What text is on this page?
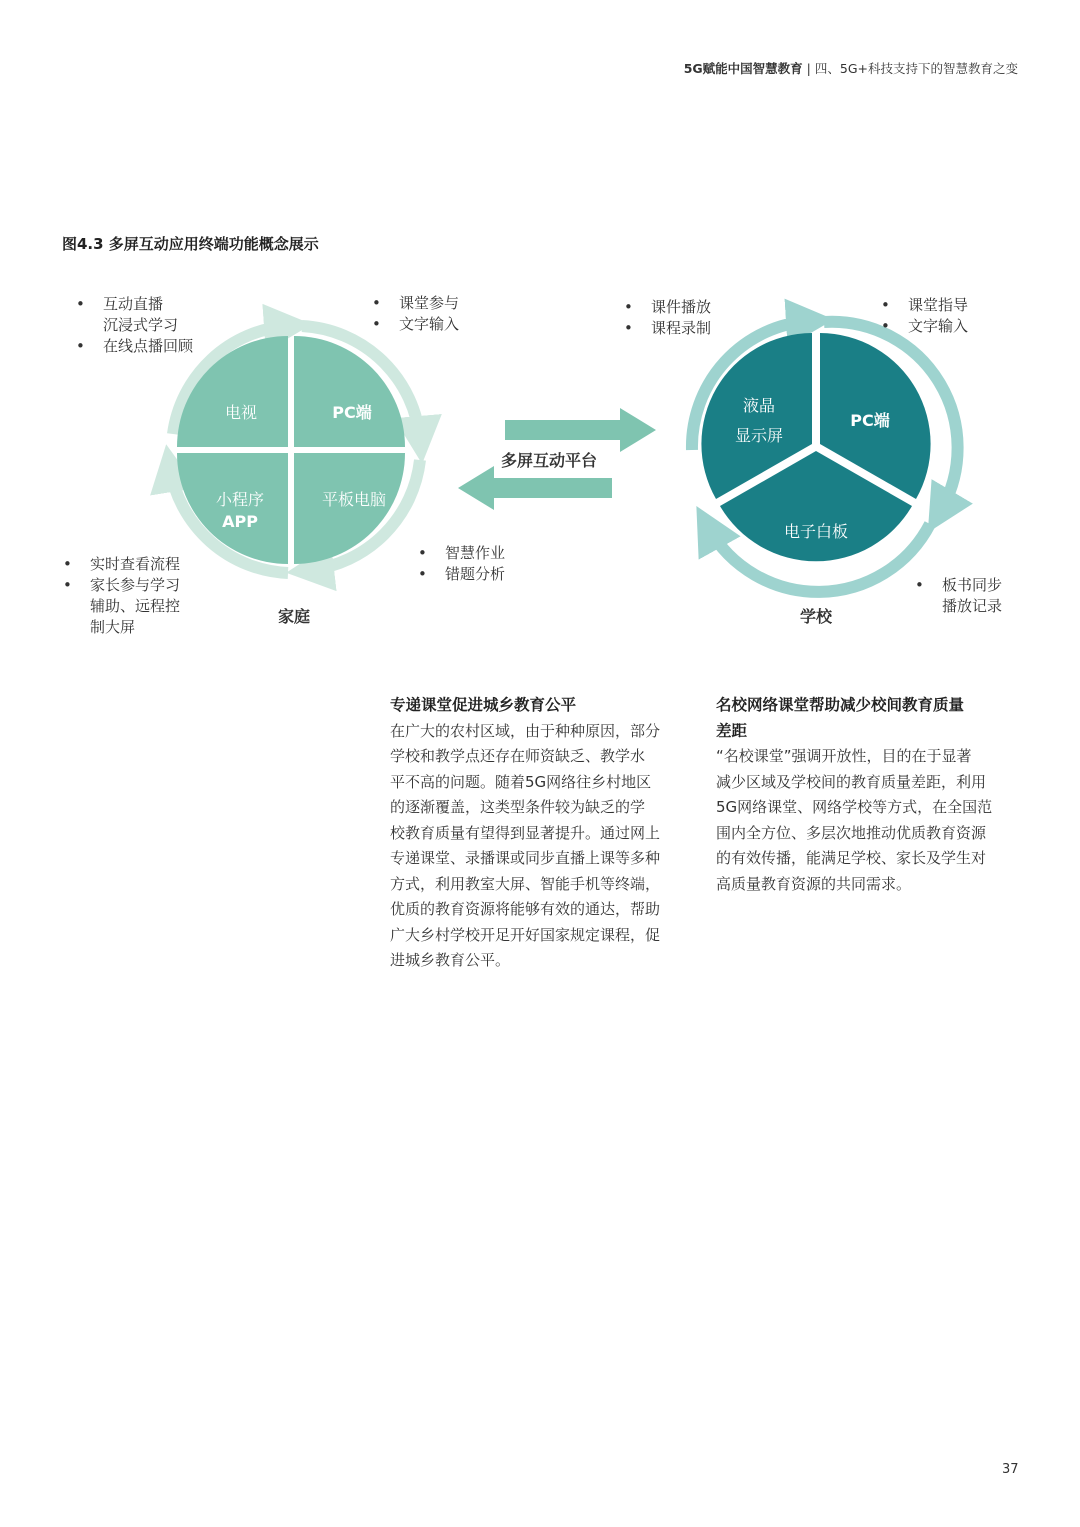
5G赋能中国智慧教育 | 四、5G+科技支持下的智慧教育之变
图4.3 多屏互动应用终端功能概念展示
电视	PC端
小程序
APP
平板电脑
家庭
多屏互动平台
液晶
显示屏
PC端
电子白板
学校
• 互动直播
沉浸式学习
• 在线点播回顾
• 课堂参与
• 文字输入
• 实时查看流程
• 家长参与学习
辅助、远程控
制大屏
• 智慧作业
• 错题分析
• 课件播放
• 课程录制
• 课堂指导
• 文字输入
• 板书同步
播放记录
专递课堂促进城乡教育公平

在广大的农村区域，由于种种原因，部分

学校和教学点还存在师资缺乏、教学水

平不高的问题。随着5G网络往乡村地区

的逐渐覆盖，这类型条件较为缺乏的学

校教育质量有望得到显著提升。通过网上

专递课堂、录播课或同步直播上课等多种

方式，利用教室大屏、智能手机等终端，

优质的教育资源将能够有效的通达，帮助

广大乡村学校开足开好国家规定课程，促

进城乡教育公平。

名校网络课堂帮助减少校间教育质量
差距

“名校课堂”强调开放性，目的在于显著

减少区域及学校间的教育质量差距，利用

5G网络课堂、网络学校等方式，在全国范

围内全方位、多层次地推动优质教育资源

的有效传播，能满足学校、家长及学生对

高质量教育资源的共同需求。

37
